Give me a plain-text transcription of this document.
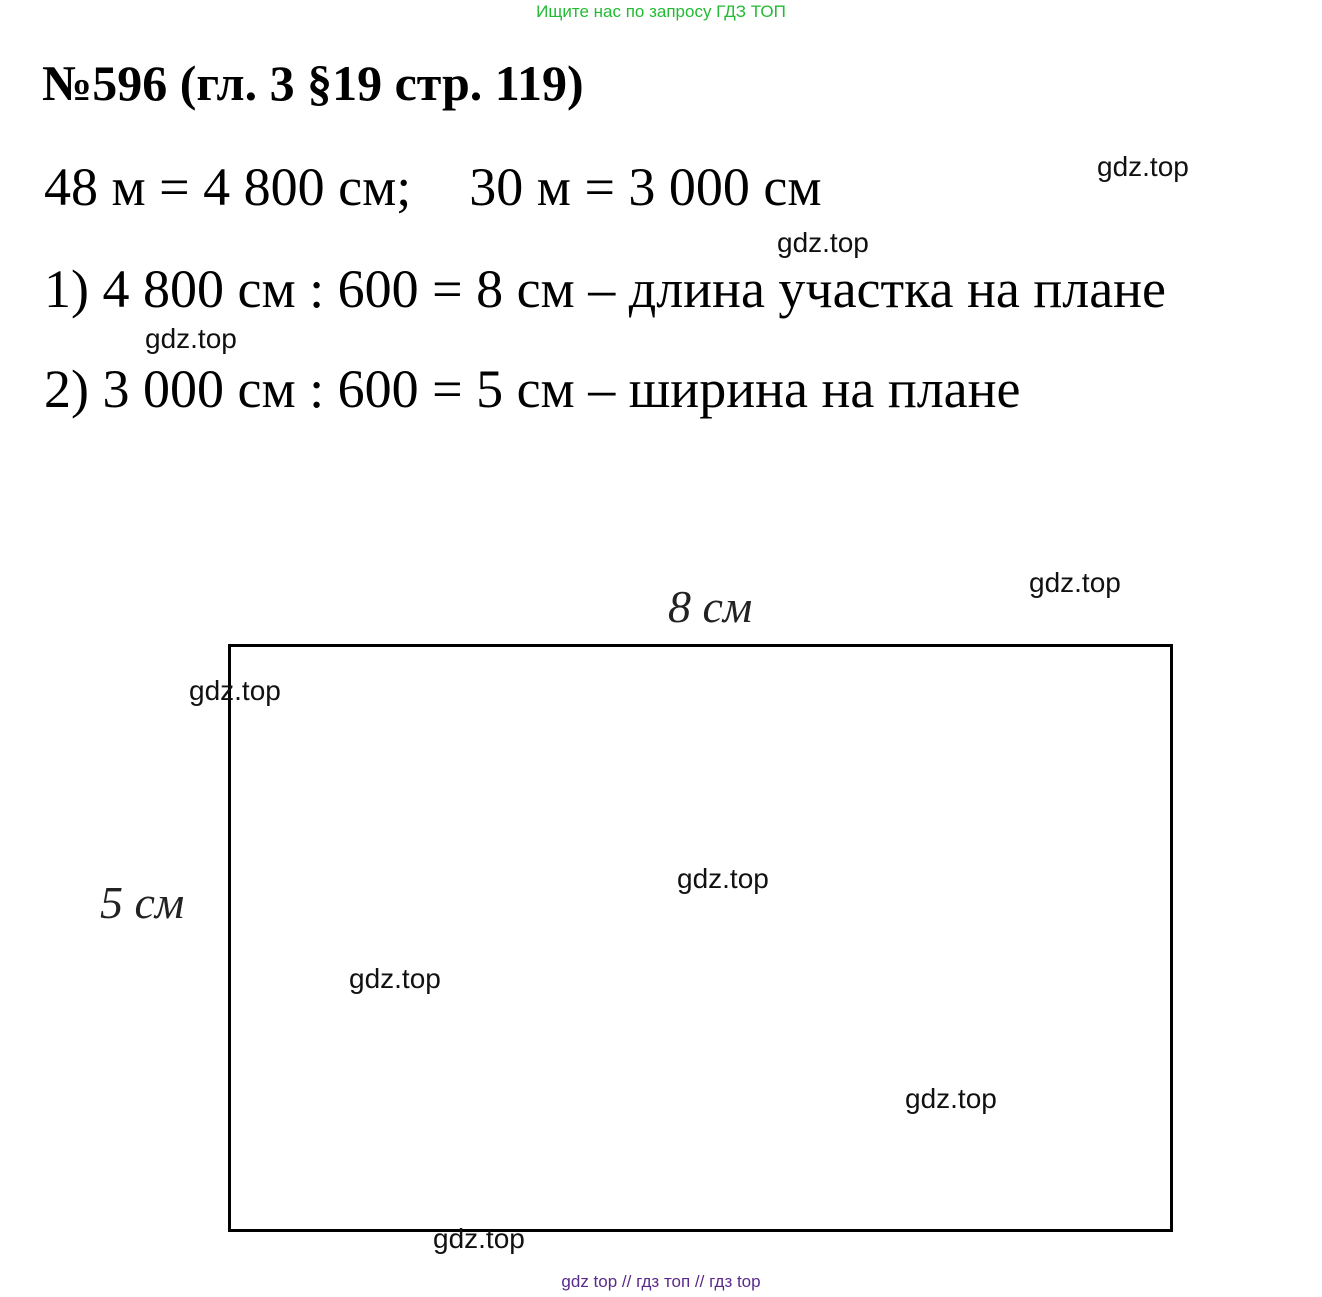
Ищите нас по запросу ГДЗ ТОП
№596 (гл. 3 §19 стр. 119)
48 м = 4 800 см; 30 м = 3 000 см
1) 4 800 см : 600 = 8 см – длина участка на плане
2) 3 000 см : 600 = 5 см – ширина на плане
8 см
5 см
gdz.top
gdz.top
gdz.top
gdz.top
gdz.top
gdz.top
gdz.top
gdz.top
gdz.top
gdz top // гдз топ // гдз top
